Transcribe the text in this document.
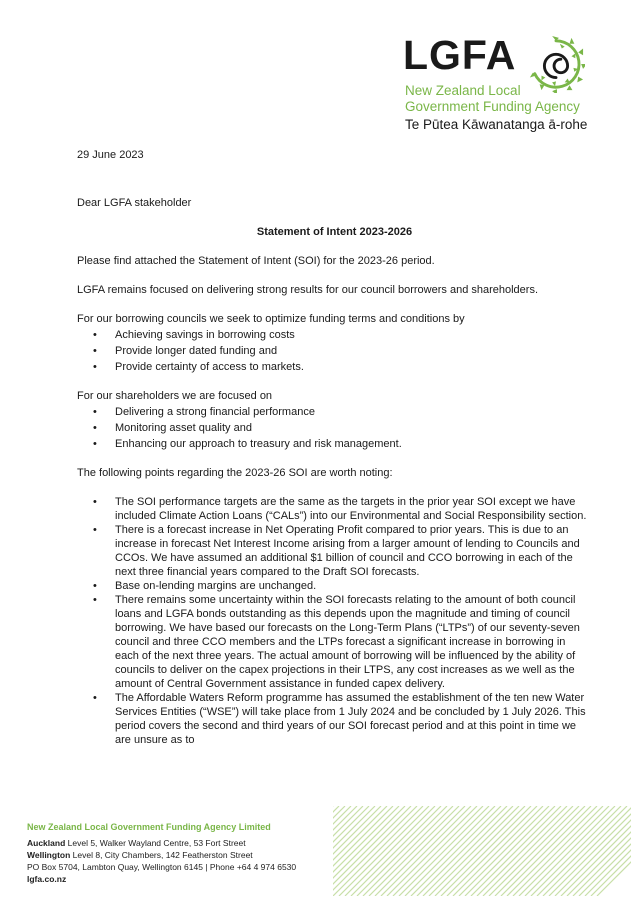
LGFA
New Zealand Local
Government Funding Agency
Te Pūtea Kāwanatanga ā-rohe

29 June 2023

Dear LGFA stakeholder

Statement of Intent 2023-2026

Please find attached the Statement of Intent (SOI) for the 2023-26 period.

LGFA remains focused on delivering strong results for our council borrowers and shareholders.

For our borrowing councils we seek to optimize funding terms and conditions by

• Achieving savings in borrowing costs
• Provide longer dated funding and
• Provide certainty of access to markets.

For our shareholders we are focused on

• Delivering a strong financial performance
• Monitoring asset quality and
• Enhancing our approach to treasury and risk management.

The following points regarding the 2023-26 SOI are worth noting:

• The SOI performance targets are the same as the targets in the prior year SOI except we have included Climate Action Loans (“CALs”) into our Environmental and Social Responsibility section.
• There is a forecast increase in Net Operating Profit compared to prior years. This is due to an increase in forecast Net Interest Income arising from a larger amount of lending to Councils and CCOs. We have assumed an additional $1 billion of council and CCO borrowing in each of the next three financial years compared to the Draft SOI forecasts.
• Base on-lending margins are unchanged.
• There remains some uncertainty within the SOI forecasts relating to the amount of both council loans and LGFA bonds outstanding as this depends upon the magnitude and timing of council borrowing. We have based our forecasts on the Long-Term Plans (“LTPs”) of our seventy-seven council and three CCO members and the LTPs forecast a significant increase in borrowing in each of the next three years. The actual amount of borrowing will be influenced by the ability of councils to deliver on the capex projections in their LTPS, any cost increases as we well as the amount of Central Government assistance in funded capex delivery.
• The Affordable Waters Reform programme has assumed the establishment of the ten new Water Services Entities (“WSE”) will take place from 1 July 2024 and be concluded by 1 July 2026. This period covers the second and third years of our SOI forecast period and at this point in time we are unsure as to
New Zealand Local Government Funding Agency Limited
Auckland Level 5, Walker Wayland Centre, 53 Fort Street
Wellington Level 8, City Chambers, 142 Featherston Street
PO Box 5704, Lambton Quay, Wellington 6145 | Phone +64 4 974 6530
lgfa.co.nz
